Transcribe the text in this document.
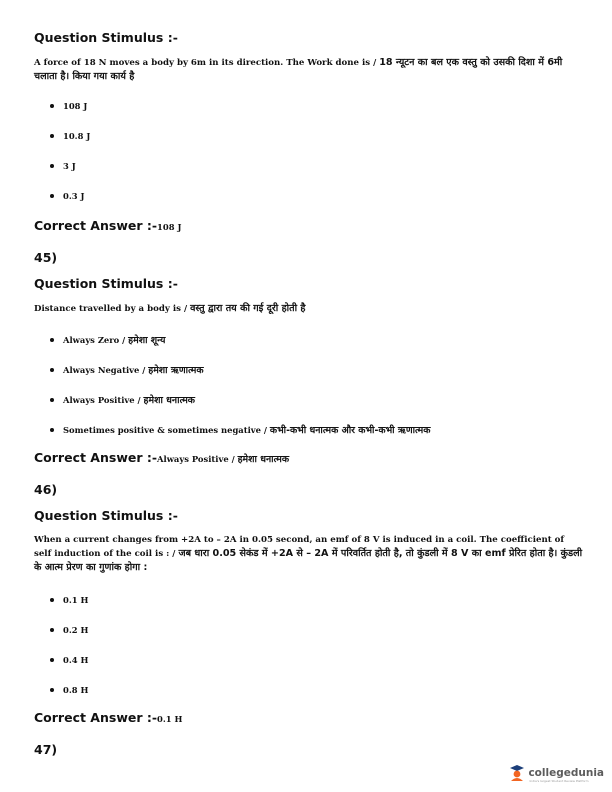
Question Stimulus :-
A force of 18 N moves a body by 6m in its direction. The Work done is / 18 न्यूटन का बल एक वस्तु को उसकी दिशा में 6मी चलाता है। किया गया कार्य है
108 J
10.8 J
3 J
0.3 J
Correct Answer :-108 J
45)
Question Stimulus :-
Distance travelled by a body is / वस्तु द्वारा तय की गई दूरी होती है
Always Zero / हमेशा शून्य
Always Negative / हमेशा ऋणात्मक
Always Positive / हमेशा धनात्मक
Sometimes positive & sometimes negative / कभी-कभी धनात्मक और कभी-कभी ऋणात्मक
Correct Answer :-Always Positive / हमेशा धनात्मक
46)
Question Stimulus :-
When a current changes from +2A to – 2A in 0.05 second, an emf of 8 V is induced in a coil. The coefficient of self induction of the coil is : / जब धारा 0.05 सेकंड में +2A से – 2A में परिवर्तित होती है, तो कुंडली में 8 V का emf प्रेरित होता है। कुंडली के आत्म प्रेरण का गुणांक होगा :
0.1 H
0.2 H
0.4 H
0.8 H
Correct Answer :-0.1 H
47)
collegedunia
India's largest Student Review Platform
